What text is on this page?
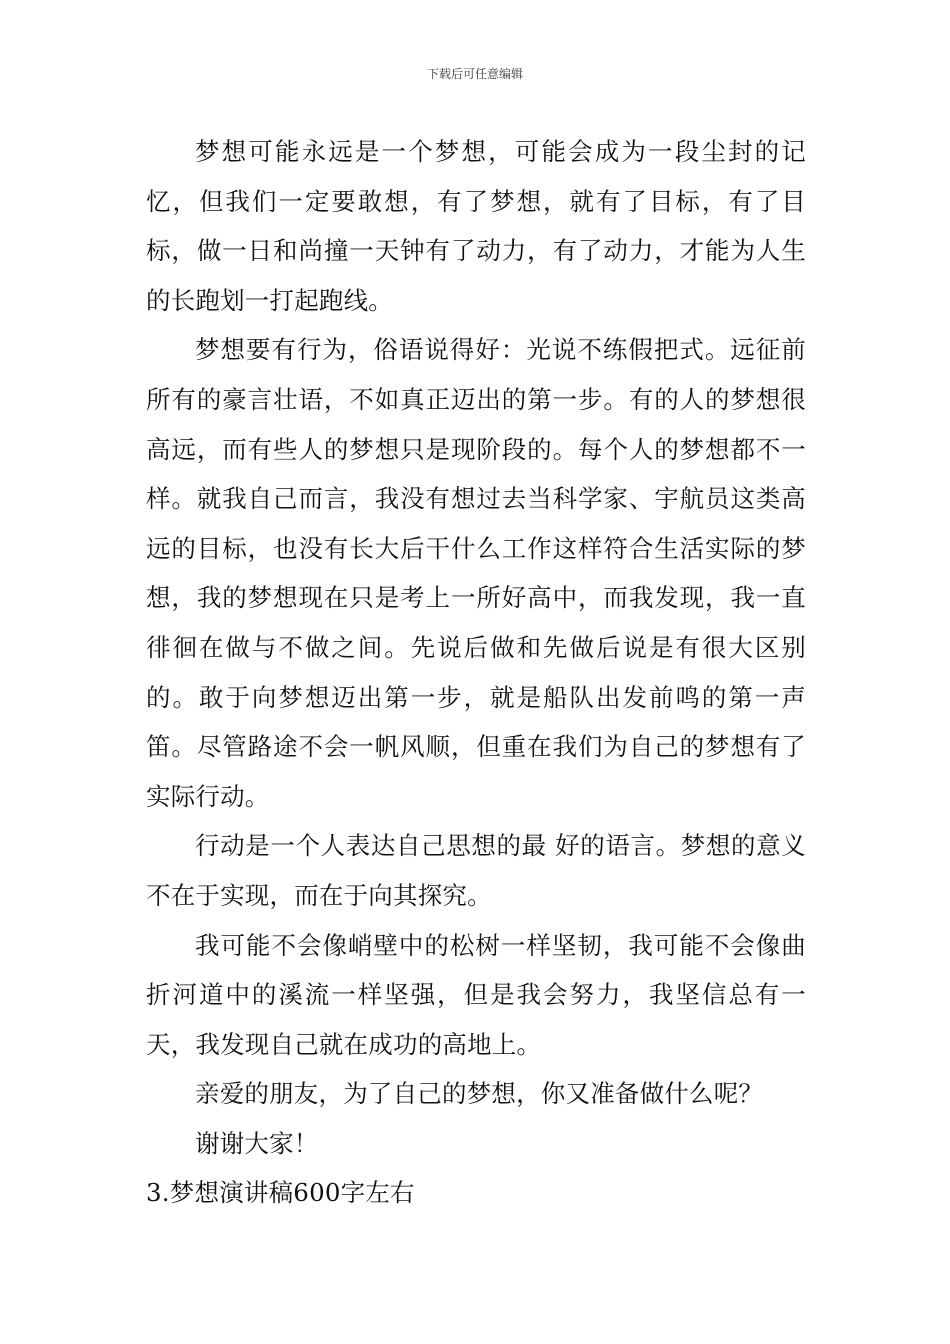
下载后可任意编辑

梦想可能永远是一个梦想，可能会成为一段尘封的记忆，但我们一定要敢想，有了梦想，就有了目标，有了目标，做一日和尚撞一天钟有了动力，有了动力，才能为人生的长跑划一打起跑线。

梦想要有行为，俗语说得好：光说不练假把式。远征前所有的豪言壮语，不如真正迈出的第一步。有的人的梦想很高远，而有些人的梦想只是现阶段的。每个人的梦想都不一样。就我自己而言，我没有想过去当科学家、宇航员这类高远的目标，也没有长大后干什么工作这样符合生活实际的梦想，我的梦想现在只是考上一所好高中，而我发现，我一直徘徊在做与不做之间。先说后做和先做后说是有很大区别的。敢于向梦想迈出第一步，就是船队出发前鸣的第一声笛。尽管路途不会一帆风顺，但重在我们为自己的梦想有了实际行动。

行动是一个人表达自己思想的最 好的语言。梦想的意义不在于实现，而在于向其探究。

我可能不会像峭壁中的松树一样坚韧，我可能不会像曲折河道中的溪流一样坚强，但是我会努力，我坚信总有一天，我发现自己就在成功的高地上。

亲爱的朋友，为了自己的梦想，你又准备做什么呢？

谢谢大家！

3.梦想演讲稿600字左右
